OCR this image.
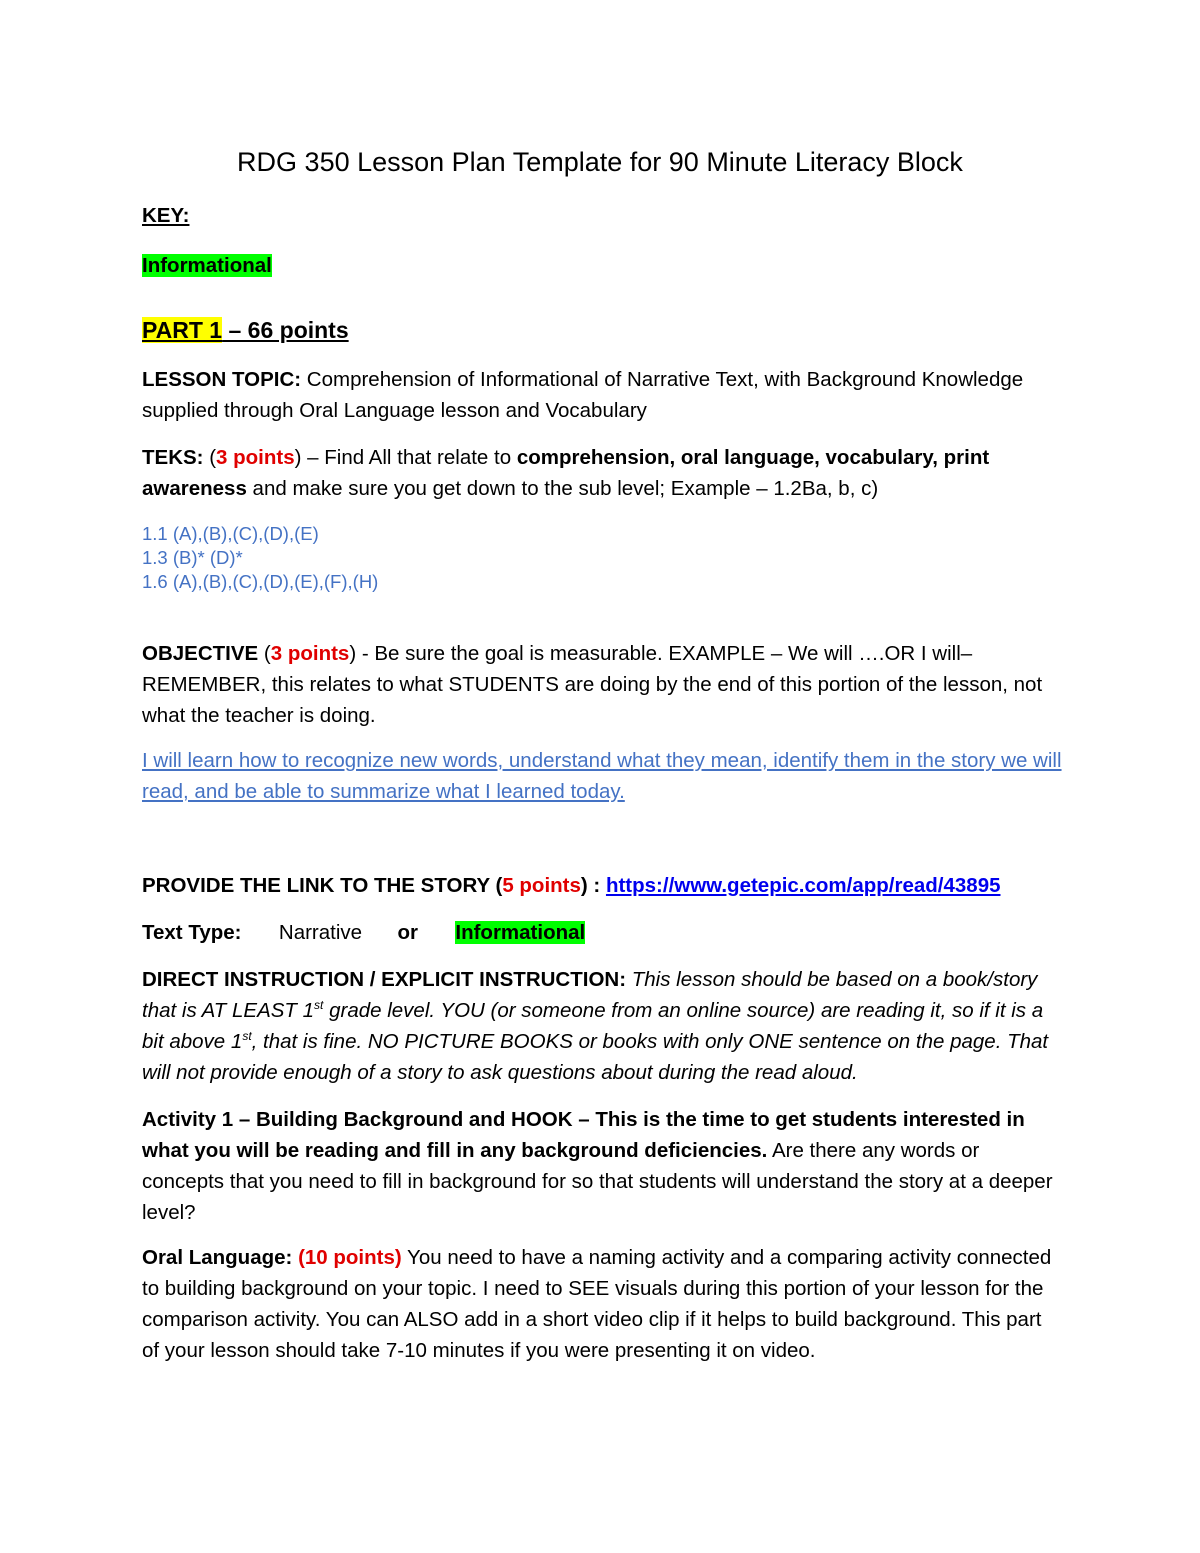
RDG 350 Lesson Plan Template for 90 Minute Literacy Block

KEY:

Informational

PART 1 – 66 points

LESSON TOPIC: Comprehension of Informational of Narrative Text, with Background Knowledge supplied through Oral Language lesson and Vocabulary

TEKS: (3 points) – Find All that relate to comprehension, oral language, vocabulary, print awareness and make sure you get down to the sub level; Example – 1.2Ba, b, c)

1.1 (A),(B),(C),(D),(E)
1.3 (B)* (D)*
1.6 (A),(B),(C),(D),(E),(F),(H)

OBJECTIVE (3 points) - Be sure the goal is measurable. EXAMPLE – We will ….OR I will– REMEMBER, this relates to what STUDENTS are doing by the end of this portion of the lesson, not what the teacher is doing.

I will learn how to recognize new words, understand what they mean, identify them in the story we will read, and be able to summarize what I learned today.

PROVIDE THE LINK TO THE STORY (5 points) : https://www.getepic.com/app/read/43895

Text Type: Narrative or Informational

DIRECT INSTRUCTION / EXPLICIT INSTRUCTION: This lesson should be based on a book/story that is AT LEAST 1st grade level. YOU (or someone from an online source) are reading it, so if it is a bit above 1st, that is fine. NO PICTURE BOOKS or books with only ONE sentence on the page. That will not provide enough of a story to ask questions about during the read aloud.

Activity 1 – Building Background and HOOK – This is the time to get students interested in what you will be reading and fill in any background deficiencies. Are there any words or concepts that you need to fill in background for so that students will understand the story at a deeper level?

Oral Language: (10 points) You need to have a naming activity and a comparing activity connected to building background on your topic. I need to SEE visuals during this portion of your lesson for the comparison activity. You can ALSO add in a short video clip if it helps to build background. This part of your lesson should take 7-10 minutes if you were presenting it on video.
